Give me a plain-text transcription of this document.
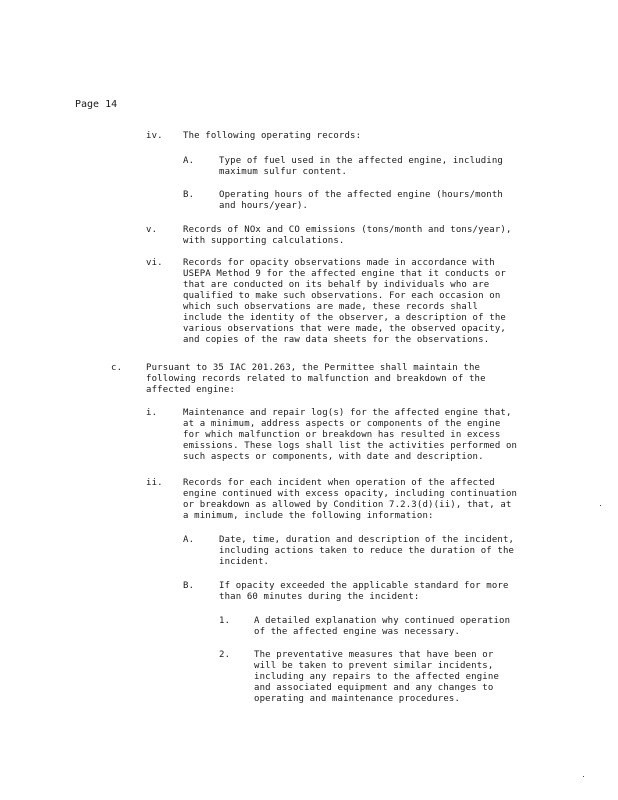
Page 14
iv. The following operating records:
A.	Type of fuel used in the affected engine, including
maximum sulfur content.
B.	Operating hours of the affected engine (hours/month
and hours/year).
v.	Records of NOx and CO emissions (tons/month and tons/year),
with supporting calculations.
vi. Records for opacity observations made in accordance with
USEPA Method 9 for the affected engine that it conducts or
that are conducted on its behalf by individuals who are
qualified to make such observations. For each occasion on
which such observations are made, these records shall
include the identity of the observer, a description of the
various observations that were made, the observed opacity,
and copies of the raw data sheets for the observations.
c.	Pursuant to 35 IAC 201.263, the Permittee shall maintain the
following records related to malfunction and breakdown of the
affected engine:
i.	Maintenance and repair log(s) for the affected engine that,
at a minimum, address aspects or components of the engine
for which malfunction or breakdown has resulted in excess
emissions. These logs shall list the activities performed on
such aspects or components, with date and description.
ii. Records for each incident when operation of the affected
engine continued with excess opacity, including continuation
or breakdown as allowed by Condition 7.2.3(d)(ii), that, at
a minimum, include the following information:
A.	Date, time, duration and description of the incident,
including actions taken to reduce the duration of the
incident.
B.	If opacity exceeded the applicable standard for more
than 60 minutes during the incident:
1.	A detailed explanation why continued operation
of the affected engine was necessary.
2.	The preventative measures that have been or
will be taken to prevent similar incidents,
including any repairs to the affected engine
and associated equipment and any changes to
operating and maintenance procedures.
